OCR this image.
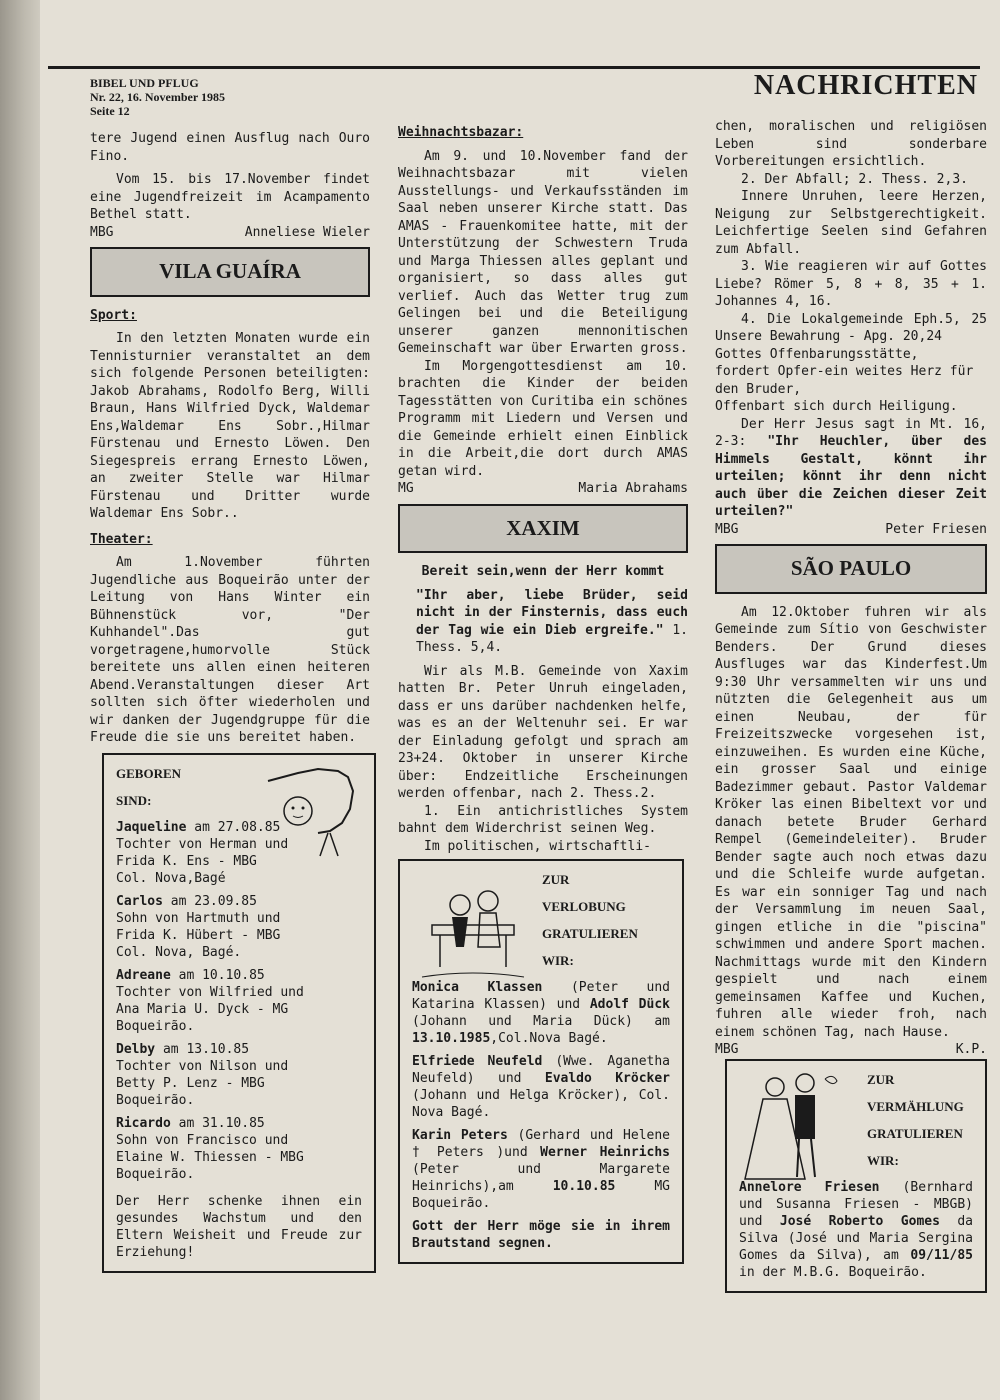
BIBEL UND PFLUG
Nr. 22, 16. November 1985
Seite 12
NACHRICHTEN

tere Jugend einen Ausflug nach Ouro Fino.

Vom 15. bis 17.November findet eine Jugendfreizeit im Acampamento Bethel statt.

MBG	Anneliese Wieler
VILA GUAÍRA
Sport:

In den letzten Monaten wurde ein Tennisturnier veranstaltet an dem sich folgende Personen beteiligten: Jakob Abrahams, Rodolfo Berg, Willi Braun, Hans Wilfried Dyck, Waldemar Ens,Waldemar Ens Sobr.,Hilmar Fürstenau und Ernesto Löwen. Den Siegespreis errang Ernesto Löwen, an zweiter Stelle war Hilmar Fürstenau und Dritter wurde Waldemar Ens Sobr..

Theater:

Am 1.November führten Jugendliche aus Boqueirão unter der Leitung von Hans Winter ein Bühnenstück vor, "Der Kuhhandel".Das gut vorgetragene,humorvolle Stück bereitete uns allen einen heiteren Abend.Veranstaltungen dieser Art sollten sich öfter wiederholen und wir danken der Jugendgruppe für die Freude die sie uns bereitet haben.

GEBOREN

SIND:

Jaqueline am 27.08.85

Tochter von Herman und

Frida K. Ens - MBG

Col. Nova,Bagé

Carlos am 23.09.85

Sohn von Hartmuth und

Frida K. Hübert - MBG

Col. Nova, Bagé.

Adreane am 10.10.85

Tochter von Wilfried und

Ana Maria U. Dyck - MG

Boqueirão.

Delby am 13.10.85

Tochter von Nilson und

Betty P. Lenz - MBG

Boqueirão.

Ricardo am 31.10.85

Sohn von Francisco und

Elaine W. Thiessen - MBG

Boqueirão.

Der Herr schenke ihnen ein gesundes Wachstum und den Eltern Weisheit und Freude zur Erziehung!

Weihnachtsbazar:

Am 9. und 10.November fand der Weihnachtsbazar mit vielen Ausstellungs- und Verkaufsständen im Saal neben unserer Kirche statt. Das AMAS - Frauenkomitee hatte, mit der Unterstützung der Schwestern Truda und Marga Thiessen alles geplant und organisiert, so dass alles gut verlief. Auch das Wetter trug zum Gelingen bei und die Beteiligung unserer ganzen mennonitischen Gemeinschaft war über Erwarten gross.

Im Morgengottesdienst am 10. brachten die Kinder der beiden Tagesstätten von Curitiba ein schönes Programm mit Liedern und Versen und die Gemeinde erhielt einen Einblick in die Arbeit,die dort durch AMAS getan wird.

MG	Maria Abrahams
XAXIM

Bereit sein,wenn der Herr kommt

"Ihr aber, liebe Brüder, seid nicht in der Finsternis, dass euch der Tag wie ein Dieb ergreife." 1. Thess. 5,4.

Wir als M.B. Gemeinde von Xaxim hatten Br. Peter Unruh eingeladen, dass er uns darüber nachdenken helfe, was es an der Weltenuhr sei. Er war der Einladung gefolgt und sprach am 23+24. Oktober in unserer Kirche über: Endzeitliche Erscheinungen werden offenbar, nach 2. Thess.2.

1. Ein antichristliches System bahnt dem Widerchrist seinen Weg.

Im politischen, wirtschaftli-

ZUR

VERLOBUNG

GRATULIEREN

WIR:

Monica Klassen (Peter und Katarina Klassen) und Adolf Dück (Johann und Maria Dück) am 13.10.1985,Col.Nova Bagé.

Elfriede Neufeld (Wwe. Aganetha Neufeld) und Evaldo Kröcker (Johann und Helga Kröcker), Col. Nova Bagé.

Karin Peters (Gerhard und Helene † Peters )und Werner Heinrichs (Peter und Margarete Heinrichs),am	10.10.85	MG Boqueirão.

Gott der Herr möge sie in ihrem Brautstand segnen.

chen, moralischen und religiösen Leben sind sonderbare Vorbereitungen ersichtlich.

2. Der Abfall; 2. Thess. 2,3.

Innere Unruhen, leere Herzen, Neigung zur Selbstgerechtigkeit. Leichfertige Seelen sind Gefahren zum Abfall.

3. Wie reagieren wir auf Gottes Liebe? Römer 5, 8 + 8, 35 + 1. Johannes 4, 16.

4. Die Lokalgemeinde Eph.5, 25 Unsere Bewahrung - Apg. 20,24

Gottes Offenbarungsstätte,

fordert Opfer-ein weites Herz für den Bruder,

Offenbart sich durch Heiligung.

Der Herr Jesus sagt in Mt. 16, 2-3: "Ihr Heuchler, über des Himmels Gestalt, könnt ihr urteilen; könnt ihr denn nicht auch über die Zeichen dieser Zeit urteilen?"

MBG	Peter Friesen
SÃO PAULO

Am 12.Oktober fuhren wir als Gemeinde zum Sítio von Geschwister Benders. Der Grund dieses Ausfluges war das Kinderfest.Um 9:30 Uhr versammelten wir uns und nützten die Gelegenheit aus um einen Neubau, der für Freizeitszwecke vorgesehen ist, einzuweihen. Es wurden eine Küche, ein grosser Saal und einige Badezimmer gebaut. Pastor Valdemar Kröker las einen Bibeltext vor und danach betete Bruder Gerhard Rempel (Gemeindeleiter). Bruder Bender sagte auch noch etwas dazu und die Schleife wurde aufgetan. Es war ein sonniger Tag und nach der Versammlung im neuen Saal, gingen etliche in die "piscina" schwimmen und andere Sport machen. Nachmittags wurde mit den Kindern gespielt und nach einem gemeinsamen Kaffee und Kuchen, fuhren alle wieder froh, nach einem schönen Tag, nach Hause.

MBG	K.P.

ZUR

VERMÄHLUNG

GRATULIEREN

WIR:

Annelore Friesen (Bernhard und Susanna Friesen - MBGB) und José Roberto Gomes da Silva (José und Maria Sergina Gomes da Silva), am 09/11/85 in der M.B.G. Boqueirão.
